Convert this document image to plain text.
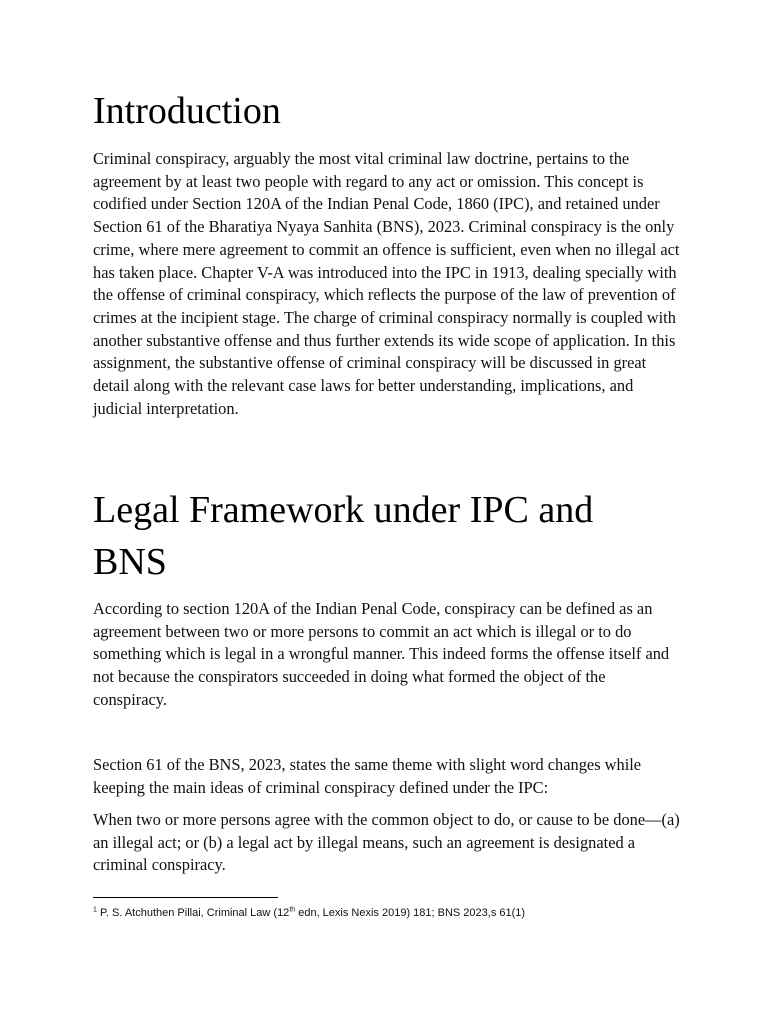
Introduction

Criminal conspiracy, arguably the most vital criminal law doctrine, pertains to the agreement by at least two people with regard to any act or omission. This concept is codified under Section 120A of the Indian Penal Code, 1860 (IPC), and retained under Section 61 of the Bharatiya Nyaya Sanhita (BNS), 2023. Criminal conspiracy is the only crime, where mere agreement to commit an offence is sufficient, even when no illegal act has taken place. Chapter V-A was introduced into the IPC in 1913, dealing specially with the offense of criminal conspiracy, which reflects the purpose of the law of prevention of crimes at the incipient stage. The charge of criminal conspiracy normally is coupled with another substantive offense and thus further extends its wide scope of application. In this assignment, the substantive offense of criminal conspiracy will be discussed in great detail along with the relevant case laws for better understanding, implications, and judicial interpretation.

Legal Framework under IPC and BNS

According to section 120A of the Indian Penal Code, conspiracy can be defined as an agreement between two or more persons to commit an act which is illegal or to do something which is legal in a wrongful manner. This indeed forms the offense itself and not because the conspirators succeeded in doing what formed the object of the conspiracy.

Section 61 of the BNS, 2023, states the same theme with slight word changes while keeping the main ideas of criminal conspiracy defined under the IPC:

When two or more persons agree with the common object to do, or cause to be done—(a) an illegal act; or (b) a legal act by illegal means, such an agreement is designated a criminal conspiracy.

$^1$ P. S. Atchuthen Pillai, Criminal Law (12th edn, Lexis Nexis 2019) 181; BNS 2023,s 61(1)
